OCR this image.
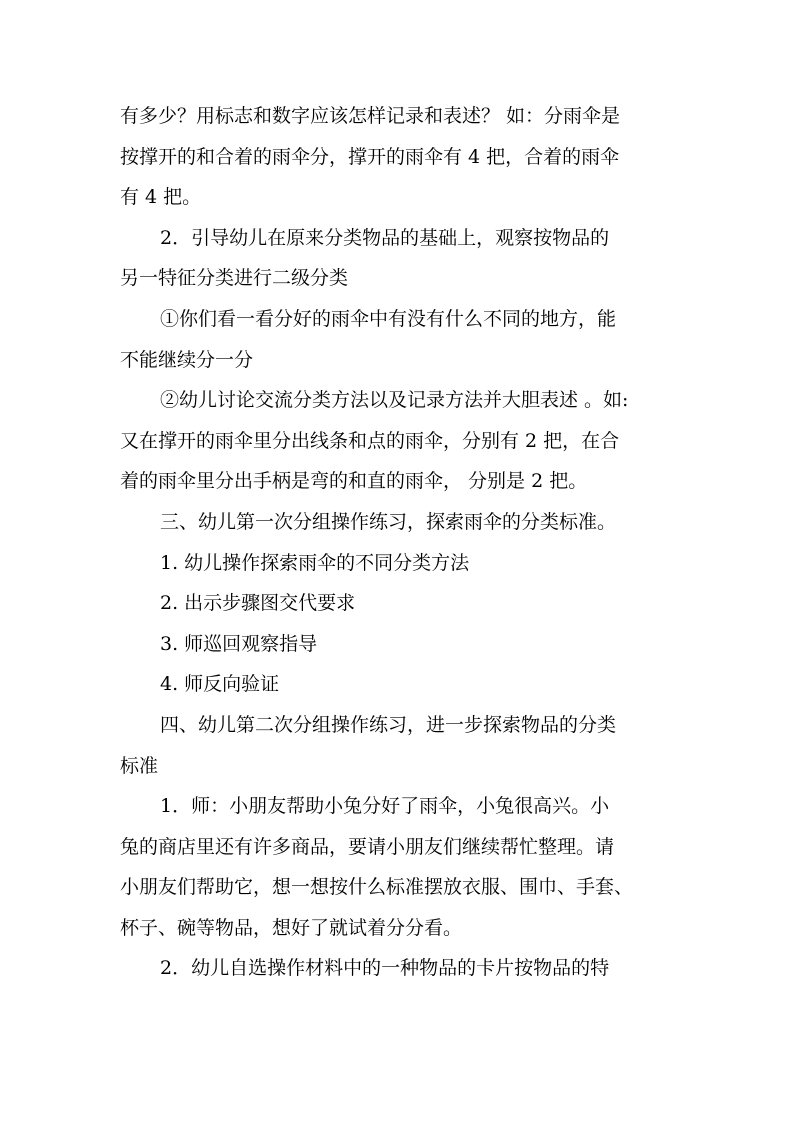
有多少？用标志和数字应该怎样记录和表述？ 如：分雨伞是
按撑开的和合着的雨伞分，撑开的雨伞有 4 把，合着的雨伞
有 4 把。
2．引导幼儿在原来分类物品的基础上，观察按物品的
另一特征分类进行二级分类
①你们看一看分好的雨伞中有没有什么不同的地方，能
不能继续分一分
②幼儿讨论交流分类方法以及记录方法并大胆表述 。如:
又在撑开的雨伞里分出线条和点的雨伞，分别有 2 把，在合
着的雨伞里分出手柄是弯的和直的雨伞， 分别是 2 把。
三、幼儿第一次分组操作练习，探索雨伞的分类标准。
1. 幼儿操作探索雨伞的不同分类方法
2. 出示步骤图交代要求
3. 师巡回观察指导
4. 师反向验证
四、幼儿第二次分组操作练习，进一步探索物品的分类
标准
1．师：小朋友帮助小兔分好了雨伞，小兔很高兴。小
兔的商店里还有许多商品，要请小朋友们继续帮忙整理。请
小朋友们帮助它，想一想按什么标准摆放衣服、围巾、手套、
杯子、碗等物品，想好了就试着分分看。
2．幼儿自选操作材料中的一种物品的卡片按物品的特
